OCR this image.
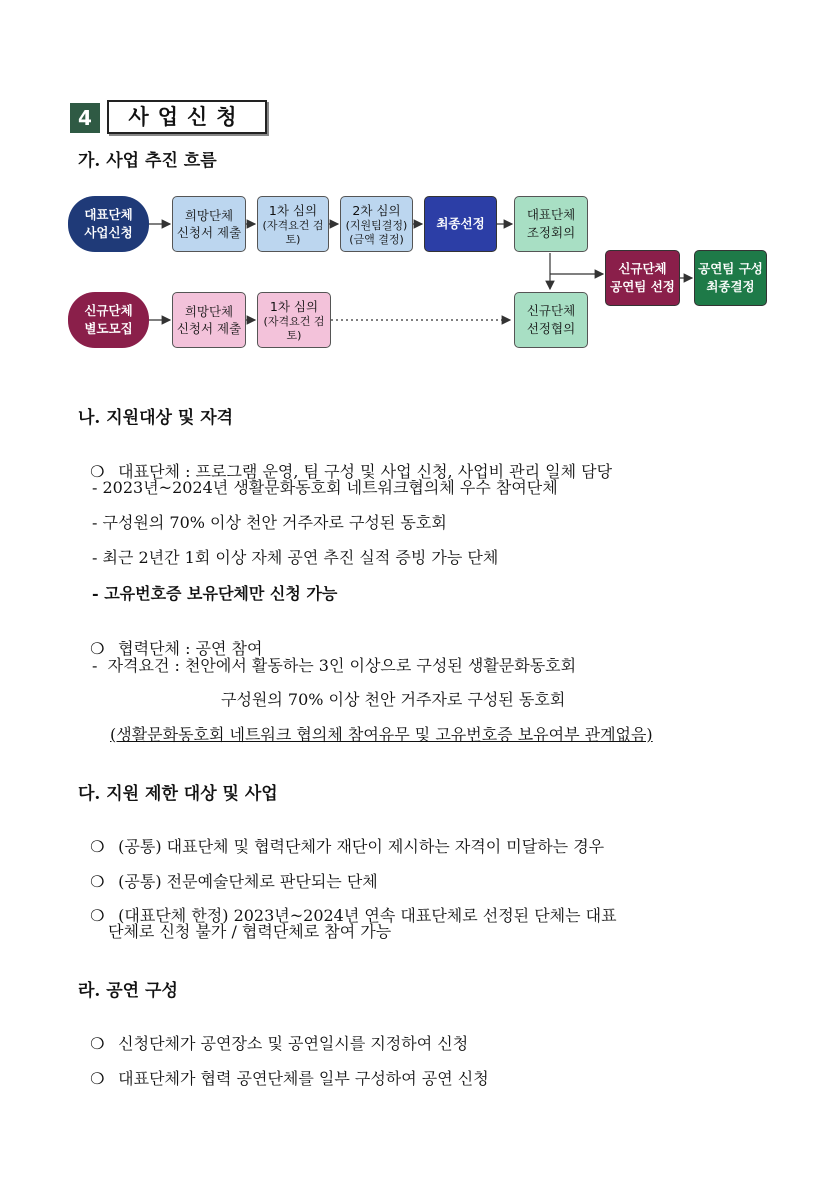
4	사업신청
가. 사업 추진 흐름
대표단체
사업신청
신규단체
별도모집
희망단체
신청서 제출
1차 심의
(자격요건 검토)
2차 심의
(지원팀결정)
(금액 결정)
최종선정
대표단체
조정회의
신규단체
공연팀 선정
공연팀 구성
최종결정
희망단체
신청서 제출
1차 심의
(자격요건 검토)
신규단체
선정협의
나. 지원대상 및 자격

❍ 대표단체 : 프로그램 운영, 팀 구성 및 사업 신청, 사업비 관리 일체 담당

- 2023년~2024년 생활문화동호회 네트워크협의체 우수 참여단체
- 구성원의 70% 이상 천안 거주자로 구성된 동호회
- 최근 2년간 1회 이상 자체 공연 추진 실적 증빙 가능 단체
- 고유번호증 보유단체만 신청 가능

❍ 협력단체 : 공연 참여

-  자격요건 : 천안에서 활동하는 3인 이상으로 구성된 생활문화동호회
구성원의 70% 이상 천안 거주자로 구성된 동호회
(생활문화동호회 네트워크 협의체 참여유무 및 고유번호증 보유여부 관계없음)
다. 지원 제한 대상 및 사업

❍ (공통) 대표단체 및 협력단체가 재단이 제시하는 자격이 미달하는 경우

❍ (공통) 전문예술단체로 판단되는 단체

❍ (대표단체 한정) 2023년~2024년 연속 대표단체로 선정된 단체는 대표

단체로 신청 불가 / 협력단체로 참여 가능
라. 공연 구성

❍ 신청단체가 공연장소 및 공연일시를 지정하여 신청

❍ 대표단체가 협력 공연단체를 일부 구성하여 공연 신청
